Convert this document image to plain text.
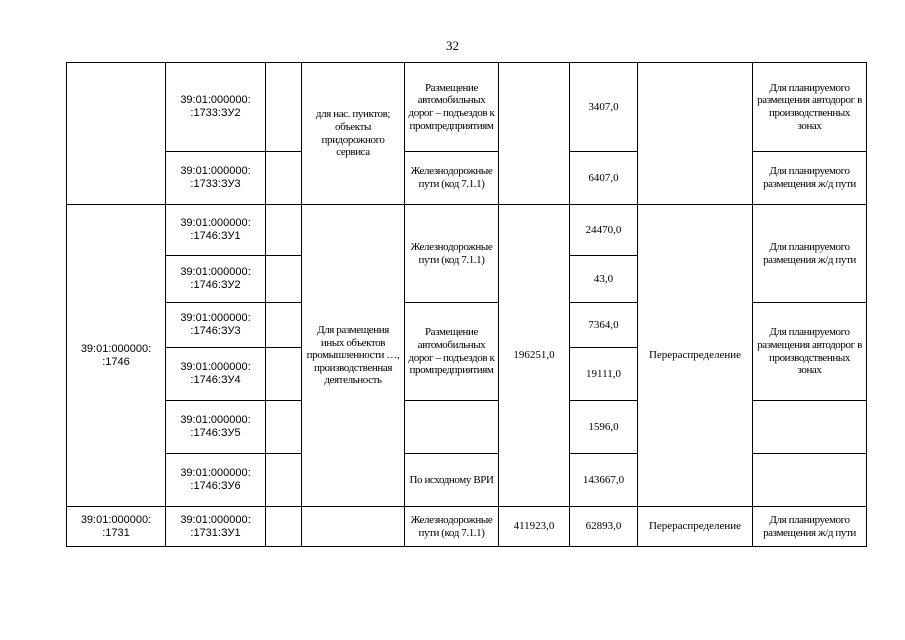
32
	39:01:000000:
:1733:ЗУ2		для нас. пунктов; объекты придорожного сервиса	Размещение автомобильных дорог – подъездов к промпредприятиям		3407,0		Для планируемого размещения автодорог в производственных зонах
	39:01:000000:
:1733:ЗУ3			Железнодорожные пути (код 7.1.1)		6407,0		Для планируемого размещения ж/д пути
39:01:000000:
:1746	39:01:000000:
:1746:ЗУ1		Для размещения иных объектов промышленности …, производственная деятельность	Железнодорожные пути (код 7.1.1)	196251,0	24470,0	Перераспределение	Для планируемого размещения ж/д пути
	39:01:000000:
:1746:ЗУ2					43,0		
	39:01:000000:
:1746:ЗУ3			Размещение автомобильных дорог – подъездов к промпредприятиям		7364,0		Для планируемого размещения автодорог в производственных зонах
	39:01:000000:
:1746:ЗУ4					19111,0		
	39:01:000000:
:1746:ЗУ5					1596,0		
	39:01:000000:
:1746:ЗУ6			По исходному ВРИ		143667,0		
39:01:000000:
:1731	39:01:000000:
:1731:ЗУ1			Железнодорожные пути (код 7.1.1)	411923,0	62893,0	Перераспределение	Для планируемого размещения ж/д пути
